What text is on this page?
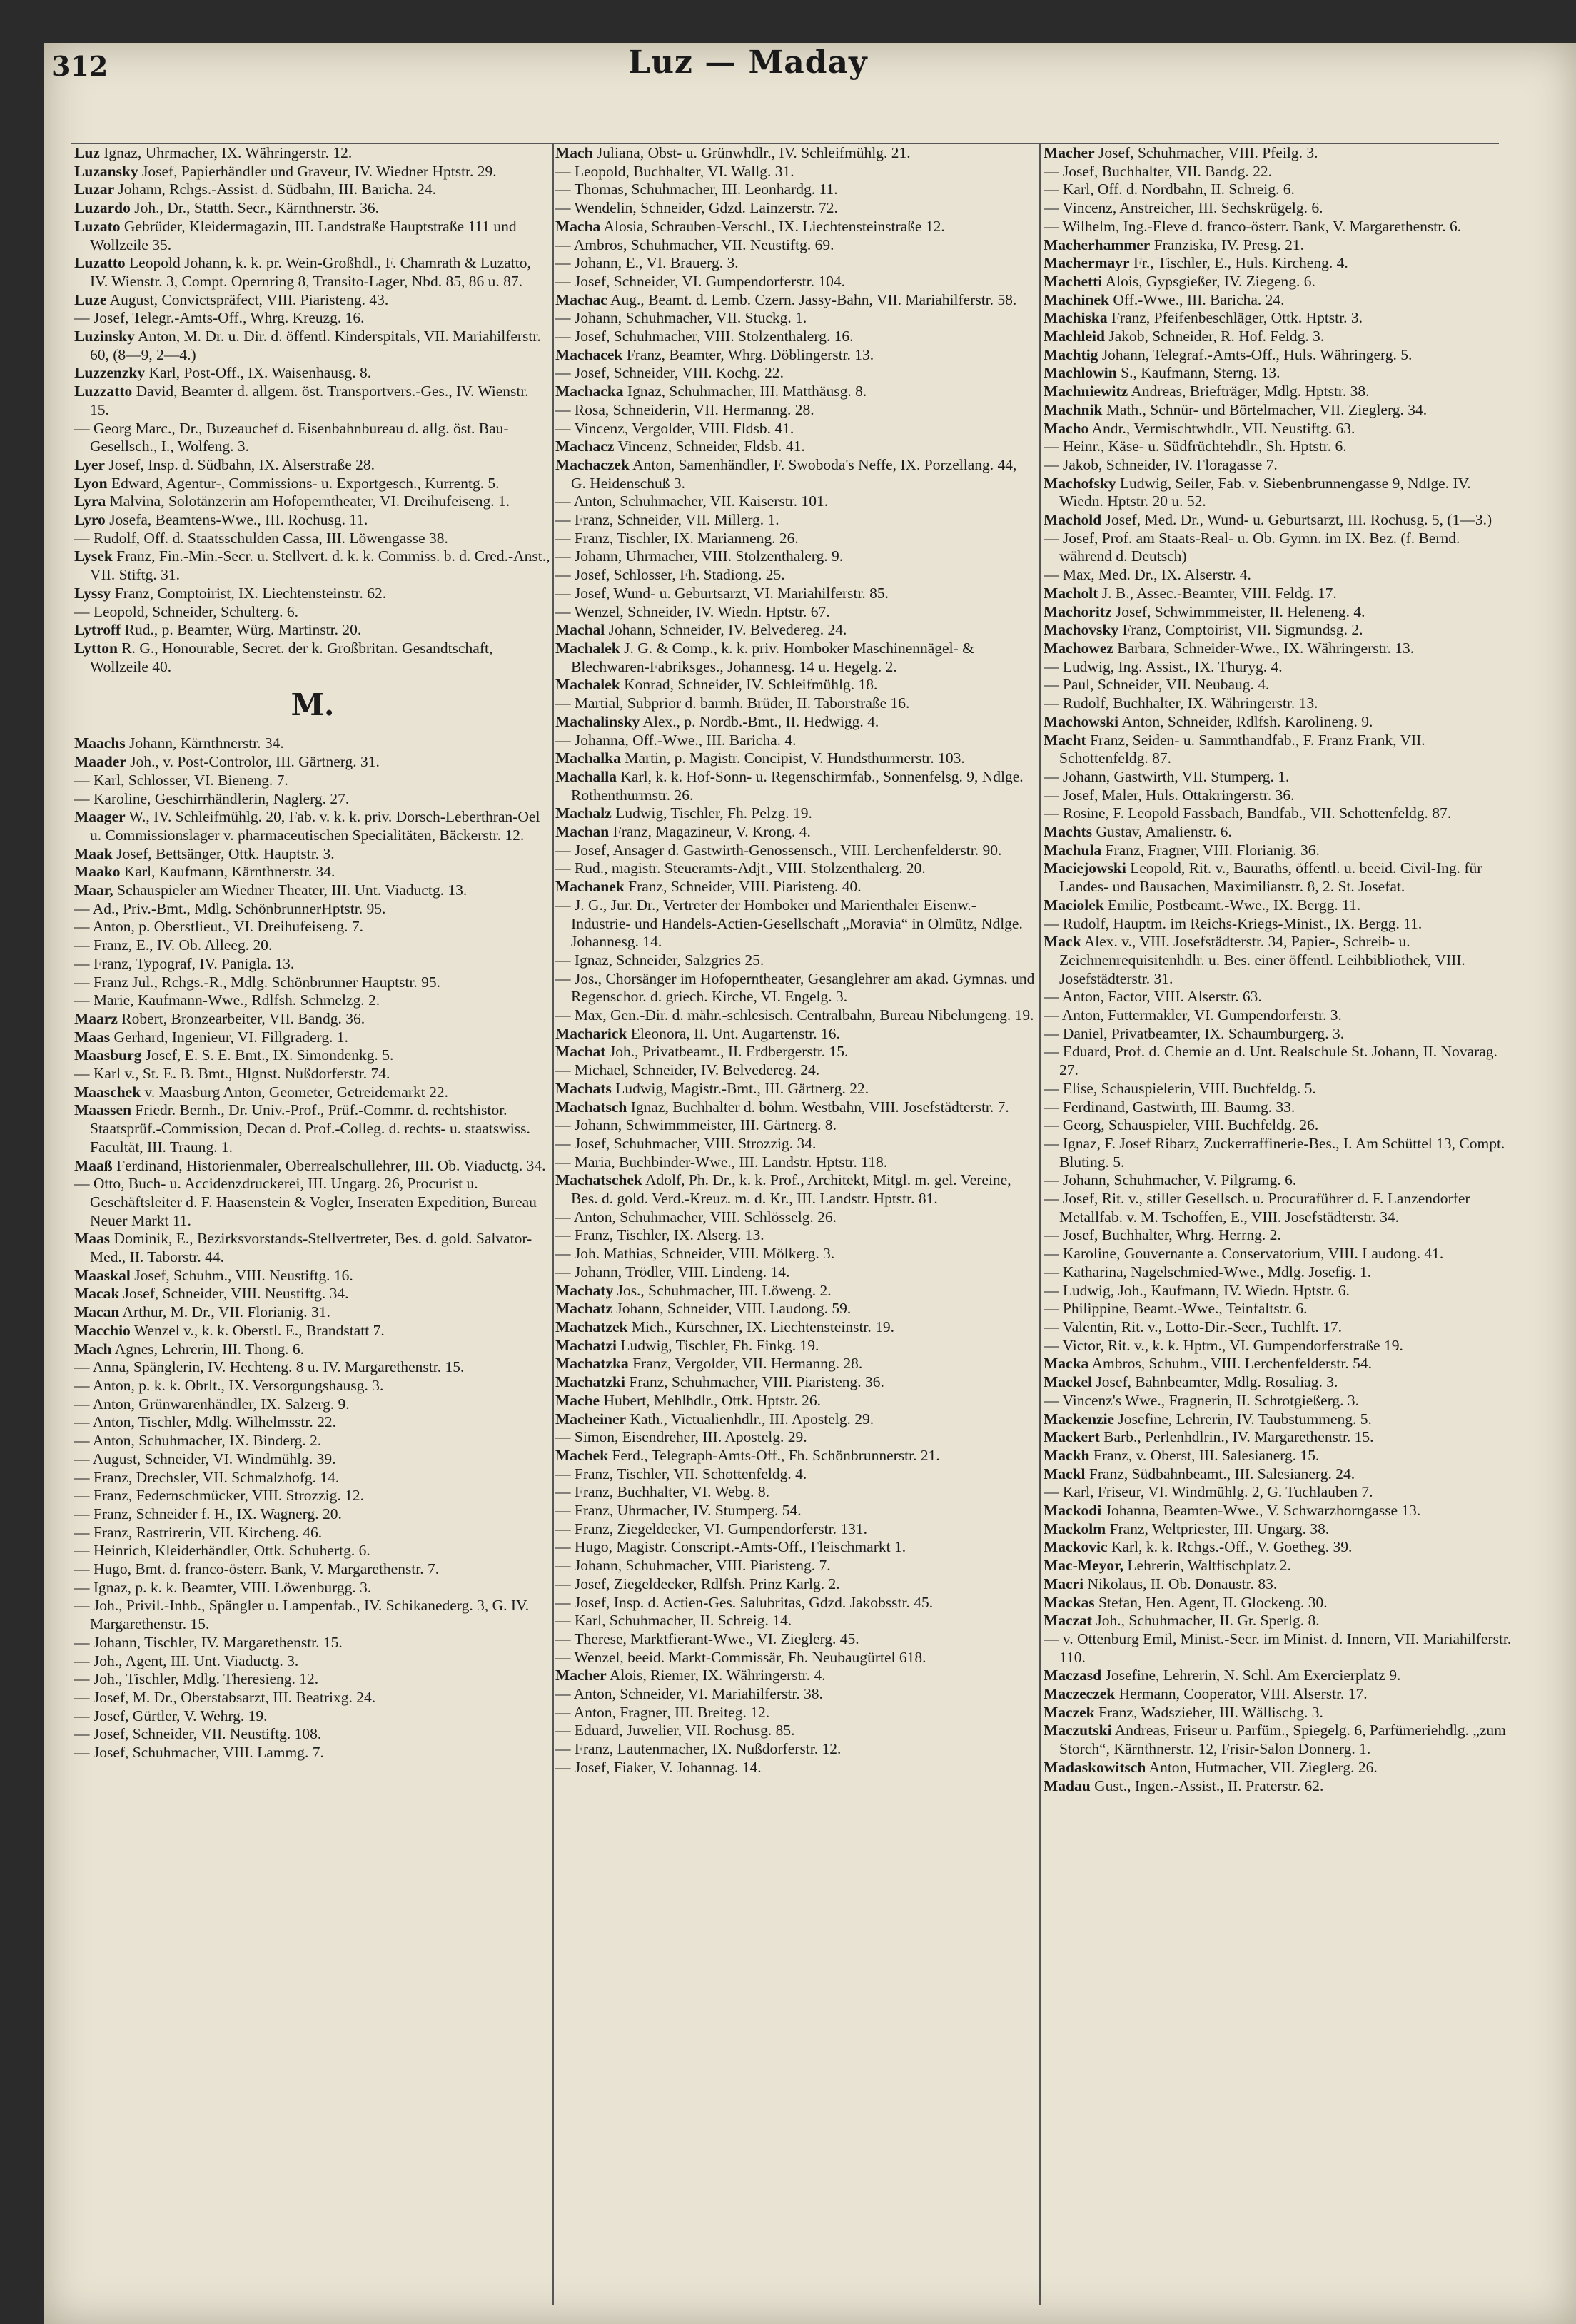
312	Luz — Maday

Luz Ignaz, Uhrmacher, IX. Währingerstr. 12.

Luzansky Josef, Papierhändler und Graveur, IV. Wiedner Hptstr. 29.

Luzar Johann, Rchgs.-Assist. d. Südbahn, III. Baricha. 24.

Luzardo Joh., Dr., Statth. Secr., Kärnthnerstr. 36.

Luzato Gebrüder, Kleidermagazin, III. Landstraße Hauptstraße 111 und Wollzeile 35.

Luzatto Leopold Johann, k. k. pr. Wein-Großhdl., F. Chamrath & Luzatto, IV. Wienstr. 3, Compt. Opernring 8, Transito-Lager, Nbd. 85, 86 u. 87.

Luze August, Convictspräfect, VIII. Piaristeng. 43.

— Josef, Telegr.-Amts-Off., Whrg. Kreuzg. 16.

Luzinsky Anton, M. Dr. u. Dir. d. öffentl. Kinderspitals, VII. Mariahilferstr. 60, (8—9, 2—4.)

Luzzenzky Karl, Post-Off., IX. Waisenhausg. 8.

Luzzatto David, Beamter d. allgem. öst. Transportvers.-Ges., IV. Wienstr. 15.

— Georg Marc., Dr., Buzeauchef d. Eisenbahnbureau d. allg. öst. Bau-Gesellsch., I., Wolfeng. 3.

Lyer Josef, Insp. d. Südbahn, IX. Alserstraße 28.

Lyon Edward, Agentur-, Commissions- u. Exportgesch., Kurrentg. 5.

Lyra Malvina, Solotänzerin am Hofoperntheater, VI. Dreihufeiseng. 1.

Lyro Josefa, Beamtens-Wwe., III. Rochusg. 11.

— Rudolf, Off. d. Staatsschulden Cassa, III. Löwengasse 38.

Lysek Franz, Fin.-Min.-Secr. u. Stellvert. d. k. k. Commiss. b. d. Cred.-Anst., VII. Stiftg. 31.

Lyssy Franz, Comptoirist, IX. Liechtensteinstr. 62.

— Leopold, Schneider, Schulterg. 6.

Lytroff Rud., p. Beamter, Würg. Martinstr. 20.

Lytton R. G., Honourable, Secret. der k. Großbritan. Gesandtschaft, Wollzeile 40.

M.

Maachs Johann, Kärnthnerstr. 34.

Maader Joh., v. Post-Controlor, III. Gärtnerg. 31.

— Karl, Schlosser, VI. Bieneng. 7.

— Karoline, Geschirrhändlerin, Naglerg. 27.

Maager W., IV. Schleifmühlg. 20, Fab. v. k. k. priv. Dorsch-Leberthran-Oel u. Commissionslager v. pharmaceutischen Specialitäten, Bäckerstr. 12.

Maak Josef, Bettsänger, Ottk. Hauptstr. 3.

Maako Karl, Kaufmann, Kärnthnerstr. 34.

Maar, Schauspieler am Wiedner Theater, III. Unt. Viaductg. 13.

— Ad., Priv.-Bmt., Mdlg. SchönbrunnerHptstr. 95.

— Anton, p. Oberstlieut., VI. Dreihufeiseng. 7.

— Franz, E., IV. Ob. Alleeg. 20.

— Franz, Typograf, IV. Panigla. 13.

— Franz Jul., Rchgs.-R., Mdlg. Schönbrunner Hauptstr. 95.

— Marie, Kaufmann-Wwe., Rdlfsh. Schmelzg. 2.

Maarz Robert, Bronzearbeiter, VII. Bandg. 36.

Maas Gerhard, Ingenieur, VI. Fillgraderg. 1.

Maasburg Josef, E. S. E. Bmt., IX. Simondenkg. 5.

— Karl v., St. E. B. Bmt., Hlgnst. Nußdorferstr. 74.

Maaschek v. Maasburg Anton, Geometer, Getreidemarkt 22.

Maassen Friedr. Bernh., Dr. Univ.-Prof., Prüf.-Commr. d. rechtshistor. Staatsprüf.-Commission, Decan d. Prof.-Colleg. d. rechts- u. staatswiss. Facultät, III. Traung. 1.

Maaß Ferdinand, Historienmaler, Oberrealschullehrer, III. Ob. Viaductg. 34.

— Otto, Buch- u. Accidenzdruckerei, III. Ungarg. 26, Procurist u. Geschäftsleiter d. F. Haasenstein & Vogler, Inseraten Expedition, Bureau Neuer Markt 11.

Maas Dominik, E., Bezirksvorstands-Stellvertreter, Bes. d. gold. Salvator-Med., II. Taborstr. 44.

Maaskal Josef, Schuhm., VIII. Neustiftg. 16.

Macak Josef, Schneider, VIII. Neustiftg. 34.

Macan Arthur, M. Dr., VII. Florianig. 31.

Macchio Wenzel v., k. k. Oberstl. E., Brandstatt 7.

Mach Agnes, Lehrerin, III. Thong. 6.

— Anna, Spänglerin, IV. Hechteng. 8 u. IV. Margarethenstr. 15.

— Anton, p. k. k. Obrlt., IX. Versorgungshausg. 3.

— Anton, Grünwarenhändler, IX. Salzerg. 9.

— Anton, Tischler, Mdlg. Wilhelmsstr. 22.

— Anton, Schuhmacher, IX. Binderg. 2.

— August, Schneider, VI. Windmühlg. 39.

— Franz, Drechsler, VII. Schmalzhofg. 14.

— Franz, Federnschmücker, VIII. Strozzig. 12.

— Franz, Schneider f. H., IX. Wagnerg. 20.

— Franz, Rastrirerin, VII. Kircheng. 46.

— Heinrich, Kleiderhändler, Ottk. Schuhertg. 6.

— Hugo, Bmt. d. franco-österr. Bank, V. Margarethenstr. 7.

— Ignaz, p. k. k. Beamter, VIII. Löwenburgg. 3.

— Joh., Privil.-Inhb., Spängler u. Lampenfab., IV. Schikanederg. 3, G. IV. Margarethenstr. 15.

— Johann, Tischler, IV. Margarethenstr. 15.

— Joh., Agent, III. Unt. Viaductg. 3.

— Joh., Tischler, Mdlg. Theresieng. 12.

— Josef, M. Dr., Oberstabsarzt, III. Beatrixg. 24.

— Josef, Gürtler, V. Wehrg. 19.

— Josef, Schneider, VII. Neustiftg. 108.

— Josef, Schuhmacher, VIII. Lammg. 7.

Mach Juliana, Obst- u. Grünwhdlr., IV. Schleifmühlg. 21.

— Leopold, Buchhalter, VI. Wallg. 31.

— Thomas, Schuhmacher, III. Leonhardg. 11.

— Wendelin, Schneider, Gdzd. Lainzerstr. 72.

Macha Alosia, Schrauben-Verschl., IX. Liechtensteinstraße 12.

— Ambros, Schuhmacher, VII. Neustiftg. 69.

— Johann, E., VI. Brauerg. 3.

— Josef, Schneider, VI. Gumpendorferstr. 104.

Machac Aug., Beamt. d. Lemb. Czern. Jassy-Bahn, VII. Mariahilferstr. 58.

— Johann, Schuhmacher, VII. Stuckg. 1.

— Josef, Schuhmacher, VIII. Stolzenthalerg. 16.

Machacek Franz, Beamter, Whrg. Döblingerstr. 13.

— Josef, Schneider, VIII. Kochg. 22.

Machacka Ignaz, Schuhmacher, III. Matthäusg. 8.

— Rosa, Schneiderin, VII. Hermanng. 28.

— Vincenz, Vergolder, VIII. Fldsb. 41.

Machacz Vincenz, Schneider, Fldsb. 41.

Machaczek Anton, Samenhändler, F. Swoboda's Neffe, IX. Porzellang. 44, G. Heidenschuß 3.

— Anton, Schuhmacher, VII. Kaiserstr. 101.

— Franz, Schneider, VII. Millerg. 1.

— Franz, Tischler, IX. Marianneng. 26.

— Johann, Uhrmacher, VIII. Stolzenthalerg. 9.

— Josef, Schlosser, Fh. Stadiong. 25.

— Josef, Wund- u. Geburtsarzt, VI. Mariahilferstr. 85.

— Wenzel, Schneider, IV. Wiedn. Hptstr. 67.

Machal Johann, Schneider, IV. Belvedereg. 24.

Machalek J. G. & Comp., k. k. priv. Homboker Maschinennägel- & Blechwaren-Fabriksges., Johannesg. 14 u. Hegelg. 2.

Machalek Konrad, Schneider, IV. Schleifmühlg. 18.

— Martial, Subprior d. barmh. Brüder, II. Taborstraße 16.

Machalinsky Alex., p. Nordb.-Bmt., II. Hedwigg. 4.

— Johanna, Off.-Wwe., III. Baricha. 4.

Machalka Martin, p. Magistr. Concipist, V. Hundsthurmerstr. 103.

Machalla Karl, k. k. Hof-Sonn- u. Regenschirmfab., Sonnenfelsg. 9, Ndlge. Rothenthurmstr. 26.

Machalz Ludwig, Tischler, Fh. Pelzg. 19.

Machan Franz, Magazineur, V. Krong. 4.

— Josef, Ansager d. Gastwirth-Genossensch., VIII. Lerchenfelderstr. 90.

— Rud., magistr. Steueramts-Adjt., VIII. Stolzenthalerg. 20.

Machanek Franz, Schneider, VIII. Piaristeng. 40.

— J. G., Jur. Dr., Vertreter der Homboker und Marienthaler Eisenw.-Industrie- und Handels-Actien-Gesellschaft „Moravia“ in Olmütz, Ndlge. Johannesg. 14.

— Ignaz, Schneider, Salzgries 25.

— Jos., Chorsänger im Hofoperntheater, Gesanglehrer am akad. Gymnas. und Regenschor. d. griech. Kirche, VI. Engelg. 3.

— Max, Gen.-Dir. d. mähr.-schlesisch. Centralbahn, Bureau Nibelungeng. 19.

Macharick Eleonora, II. Unt. Augartenstr. 16.

Machat Joh., Privatbeamt., II. Erdbergerstr. 15.

— Michael, Schneider, IV. Belvedereg. 24.

Machats Ludwig, Magistr.-Bmt., III. Gärtnerg. 22.

Machatsch Ignaz, Buchhalter d. böhm. Westbahn, VIII. Josefstädterstr. 7.

— Johann, Schwimmmeister, III. Gärtnerg. 8.

— Josef, Schuhmacher, VIII. Strozzig. 34.

— Maria, Buchbinder-Wwe., III. Landstr. Hptstr. 118.

Machatschek Adolf, Ph. Dr., k. k. Prof., Architekt, Mitgl. m. gel. Vereine, Bes. d. gold. Verd.-Kreuz. m. d. Kr., III. Landstr. Hptstr. 81.

— Anton, Schuhmacher, VIII. Schlösselg. 26.

— Franz, Tischler, IX. Alserg. 13.

— Joh. Mathias, Schneider, VIII. Mölkerg. 3.

— Johann, Trödler, VIII. Lindeng. 14.

Machaty Jos., Schuhmacher, III. Löweng. 2.

Machatz Johann, Schneider, VIII. Laudong. 59.

Machatzek Mich., Kürschner, IX. Liechtensteinstr. 19.

Machatzi Ludwig, Tischler, Fh. Finkg. 19.

Machatzka Franz, Vergolder, VII. Hermanng. 28.

Machatzki Franz, Schuhmacher, VIII. Piaristeng. 36.

Mache Hubert, Mehlhdlr., Ottk. Hptstr. 26.

Macheiner Kath., Victualienhdlr., III. Apostelg. 29.

— Simon, Eisendreher, III. Apostelg. 29.

Machek Ferd., Telegraph-Amts-Off., Fh. Schönbrunnerstr. 21.

— Franz, Tischler, VII. Schottenfeldg. 4.

— Franz, Buchhalter, VI. Webg. 8.

— Franz, Uhrmacher, IV. Stumperg. 54.

— Franz, Ziegeldecker, VI. Gumpendorferstr. 131.

— Hugo, Magistr. Conscript.-Amts-Off., Fleischmarkt 1.

— Johann, Schuhmacher, VIII. Piaristeng. 7.

— Josef, Ziegeldecker, Rdlfsh. Prinz Karlg. 2.

— Josef, Insp. d. Actien-Ges. Salubritas, Gdzd. Jakobsstr. 45.

— Karl, Schuhmacher, II. Schreig. 14.

— Therese, Marktfierant-Wwe., VI. Zieglerg. 45.

— Wenzel, beeid. Markt-Commissär, Fh. Neubaugürtel 618.

Macher Alois, Riemer, IX. Währingerstr. 4.

— Anton, Schneider, VI. Mariahilferstr. 38.

— Anton, Fragner, III. Breiteg. 12.

— Eduard, Juwelier, VII. Rochusg. 85.

— Franz, Lautenmacher, IX. Nußdorferstr. 12.

— Josef, Fiaker, V. Johannag. 14.

Macher Josef, Schuhmacher, VIII. Pfeilg. 3.

— Josef, Buchhalter, VII. Bandg. 22.

— Karl, Off. d. Nordbahn, II. Schreig. 6.

— Vincenz, Anstreicher, III. Sechskrügelg. 6.

— Wilhelm, Ing.-Eleve d. franco-österr. Bank, V. Margarethenstr. 6.

Macherhammer Franziska, IV. Presg. 21.

Machermayr Fr., Tischler, E., Huls. Kircheng. 4.

Machetti Alois, Gypsgießer, IV. Ziegeng. 6.

Machinek Off.-Wwe., III. Baricha. 24.

Machiska Franz, Pfeifenbeschläger, Ottk. Hptstr. 3.

Machleid Jakob, Schneider, R. Hof. Feldg. 3.

Machtig Johann, Telegraf.-Amts-Off., Huls. Währingerg. 5.

Machlowin S., Kaufmann, Sterng. 13.

Machniewitz Andreas, Briefträger, Mdlg. Hptstr. 38.

Machnik Math., Schnür- und Börtelmacher, VII. Zieglerg. 34.

Macho Andr., Vermischtwhdlr., VII. Neustiftg. 63.

— Heinr., Käse- u. Südfrüchtehdlr., Sh. Hptstr. 6.

— Jakob, Schneider, IV. Floragasse 7.

Machofsky Ludwig, Seiler, Fab. v. Siebenbrunnengasse 9, Ndlge. IV. Wiedn. Hptstr. 20 u. 52.

Machold Josef, Med. Dr., Wund- u. Geburtsarzt, III. Rochusg. 5, (1—3.)

— Josef, Prof. am Staats-Real- u. Ob. Gymn. im IX. Bez. (f. Bernd. während d. Deutsch)

— Max, Med. Dr., IX. Alserstr. 4.

Macholt J. B., Assec.-Beamter, VIII. Feldg. 17.

Machoritz Josef, Schwimmmeister, II. Heleneng. 4.

Machovsky Franz, Comptoirist, VII. Sigmundsg. 2.

Machowez Barbara, Schneider-Wwe., IX. Währingerstr. 13.

— Ludwig, Ing. Assist., IX. Thuryg. 4.

— Paul, Schneider, VII. Neubaug. 4.

— Rudolf, Buchhalter, IX. Währingerstr. 13.

Machowski Anton, Schneider, Rdlfsh. Karolineng. 9.

Macht Franz, Seiden- u. Sammthandfab., F. Franz Frank, VII. Schottenfeldg. 87.

— Johann, Gastwirth, VII. Stumperg. 1.

— Josef, Maler, Huls. Ottakringerstr. 36.

— Rosine, F. Leopold Fassbach, Bandfab., VII. Schottenfeldg. 87.

Machts Gustav, Amalienstr. 6.

Machula Franz, Fragner, VIII. Florianig. 36.

Maciejowski Leopold, Rit. v., Bauraths, öffentl. u. beeid. Civil-Ing. für Landes- und Bausachen, Maximilianstr. 8, 2. St. Josefat.

Maciolek Emilie, Postbeamt.-Wwe., IX. Bergg. 11.

— Rudolf, Hauptm. im Reichs-Kriegs-Minist., IX. Bergg. 11.

Mack Alex. v., VIII. Josefstädterstr. 34, Papier-, Schreib- u. Zeichnenrequisitenhdlr. u. Bes. einer öffentl. Leihbibliothek, VIII. Josefstädterstr. 31.

— Anton, Factor, VIII. Alserstr. 63.

— Anton, Futtermakler, VI. Gumpendorferstr. 3.

— Daniel, Privatbeamter, IX. Schaumburgerg. 3.

— Eduard, Prof. d. Chemie an d. Unt. Realschule St. Johann, II. Novarag. 27.

— Elise, Schauspielerin, VIII. Buchfeldg. 5.

— Ferdinand, Gastwirth, III. Baumg. 33.

— Georg, Schauspieler, VIII. Buchfeldg. 26.

— Ignaz, F. Josef Ribarz, Zuckerraffinerie-Bes., I. Am Schüttel 13, Compt. Bluting. 5.

— Johann, Schuhmacher, V. Pilgramg. 6.

— Josef, Rit. v., stiller Gesellsch. u. Procuraführer d. F. Lanzendorfer Metallfab. v. M. Tschoffen, E., VIII. Josefstädterstr. 34.

— Josef, Buchhalter, Whrg. Herrng. 2.

— Karoline, Gouvernante a. Conservatorium, VIII. Laudong. 41.

— Katharina, Nagelschmied-Wwe., Mdlg. Josefig. 1.

— Ludwig, Joh., Kaufmann, IV. Wiedn. Hptstr. 6.

— Philippine, Beamt.-Wwe., Teinfaltstr. 6.

— Valentin, Rit. v., Lotto-Dir.-Secr., Tuchlft. 17.

— Victor, Rit. v., k. k. Hptm., VI. Gumpendorferstraße 19.

Macka Ambros, Schuhm., VIII. Lerchenfelderstr. 54.

Mackel Josef, Bahnbeamter, Mdlg. Rosaliag. 3.

— Vincenz's Wwe., Fragnerin, II. Schrotgießerg. 3.

Mackenzie Josefine, Lehrerin, IV. Taubstummeng. 5.

Mackert Barb., Perlenhdlrin., IV. Margarethenstr. 15.

Mackh Franz, v. Oberst, III. Salesianerg. 15.

Mackl Franz, Südbahnbeamt., III. Salesianerg. 24.

— Karl, Friseur, VI. Windmühlg. 2, G. Tuchlauben 7.

Mackodi Johanna, Beamten-Wwe., V. Schwarzhorngasse 13.

Mackolm Franz, Weltpriester, III. Ungarg. 38.

Mackovic Karl, k. k. Rchgs.-Off., V. Goetheg. 39.

Mac-Meyor, Lehrerin, Waltfischplatz 2.

Macri Nikolaus, II. Ob. Donaustr. 83.

Mackas Stefan, Hen. Agent, II. Glockeng. 30.

Maczat Joh., Schuhmacher, II. Gr. Sperlg. 8.

— v. Ottenburg Emil, Minist.-Secr. im Minist. d. Innern, VII. Mariahilferstr. 110.

Maczasd Josefine, Lehrerin, N. Schl. Am Exercierplatz 9.

Maczeczek Hermann, Cooperator, VIII. Alserstr. 17.

Maczek Franz, Wadszieher, III. Wällischg. 3.

Maczutski Andreas, Friseur u. Parfüm., Spiegelg. 6, Parfümeriehdlg. „zum Storch“, Kärnthnerstr. 12, Frisir-Salon Donnerg. 1.

Madaskowitsch Anton, Hutmacher, VII. Zieglerg. 26.

Madau Gust., Ingen.-Assist., II. Praterstr. 62.
